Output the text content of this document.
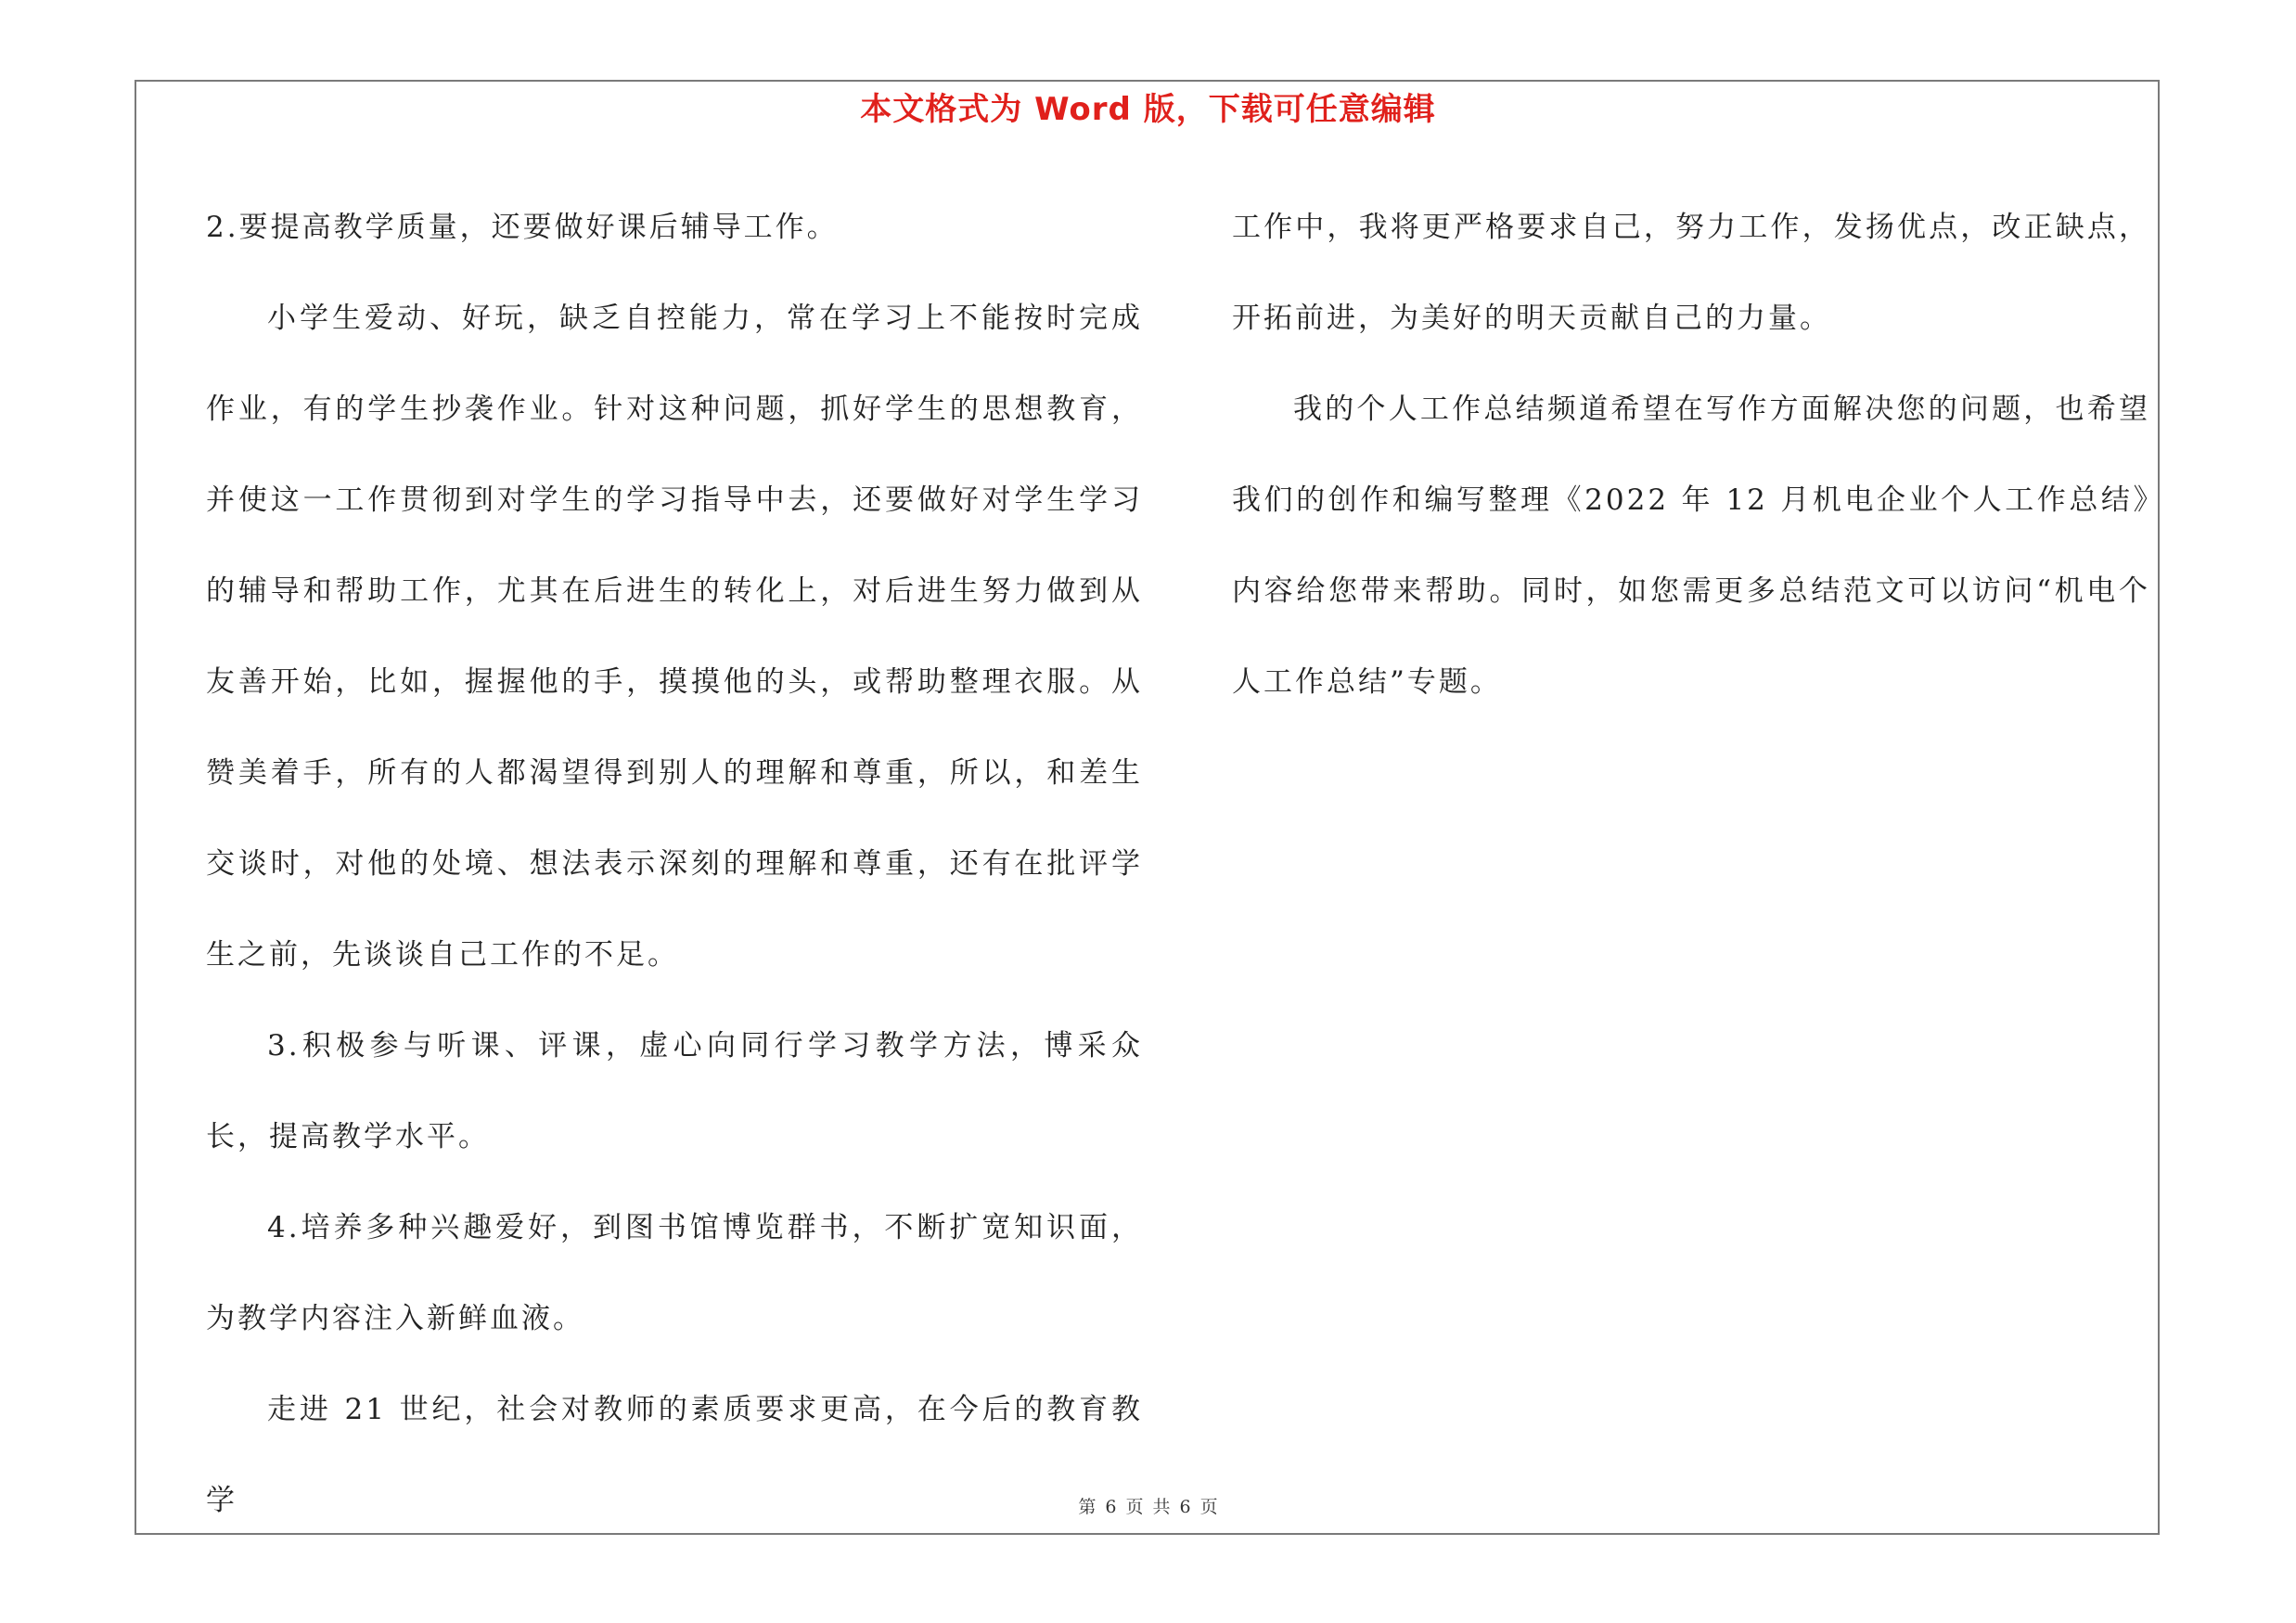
本文格式为 Word 版，下载可任意编辑

2.要提高教学质量，还要做好课后辅导工作。

小学生爱动、好玩，缺乏自控能力，常在学习上不能按时完成作业，有的学生抄袭作业。针对这种问题，抓好学生的思想教育，并使这一工作贯彻到对学生的学习指导中去，还要做好对学生学习的辅导和帮助工作，尤其在后进生的转化上，对后进生努力做到从友善开始，比如，握握他的手，摸摸他的头，或帮助整理衣服。从赞美着手，所有的人都渴望得到别人的理解和尊重，所以，和差生交谈时，对他的处境、想法表示深刻的理解和尊重，还有在批评学生之前，先谈谈自己工作的不足。

3.积极参与听课、评课，虚心向同行学习教学方法，博采众长，提高教学水平。

4.培养多种兴趣爱好，到图书馆博览群书，不断扩宽知识面，为教学内容注入新鲜血液。

走进 21 世纪，社会对教师的素质要求更高，在今后的教育教学

工作中，我将更严格要求自己，努力工作，发扬优点，改正缺点，开拓前进，为美好的明天贡献自己的力量。

我的个人工作总结频道希望在写作方面解决您的问题，也希望我们的创作和编写整理《2022 年 12 月机电企业个人工作总结》内容给您带来帮助。同时，如您需更多总结范文可以访问“机电个人工作总结”专题。

第 6 页 共 6 页
